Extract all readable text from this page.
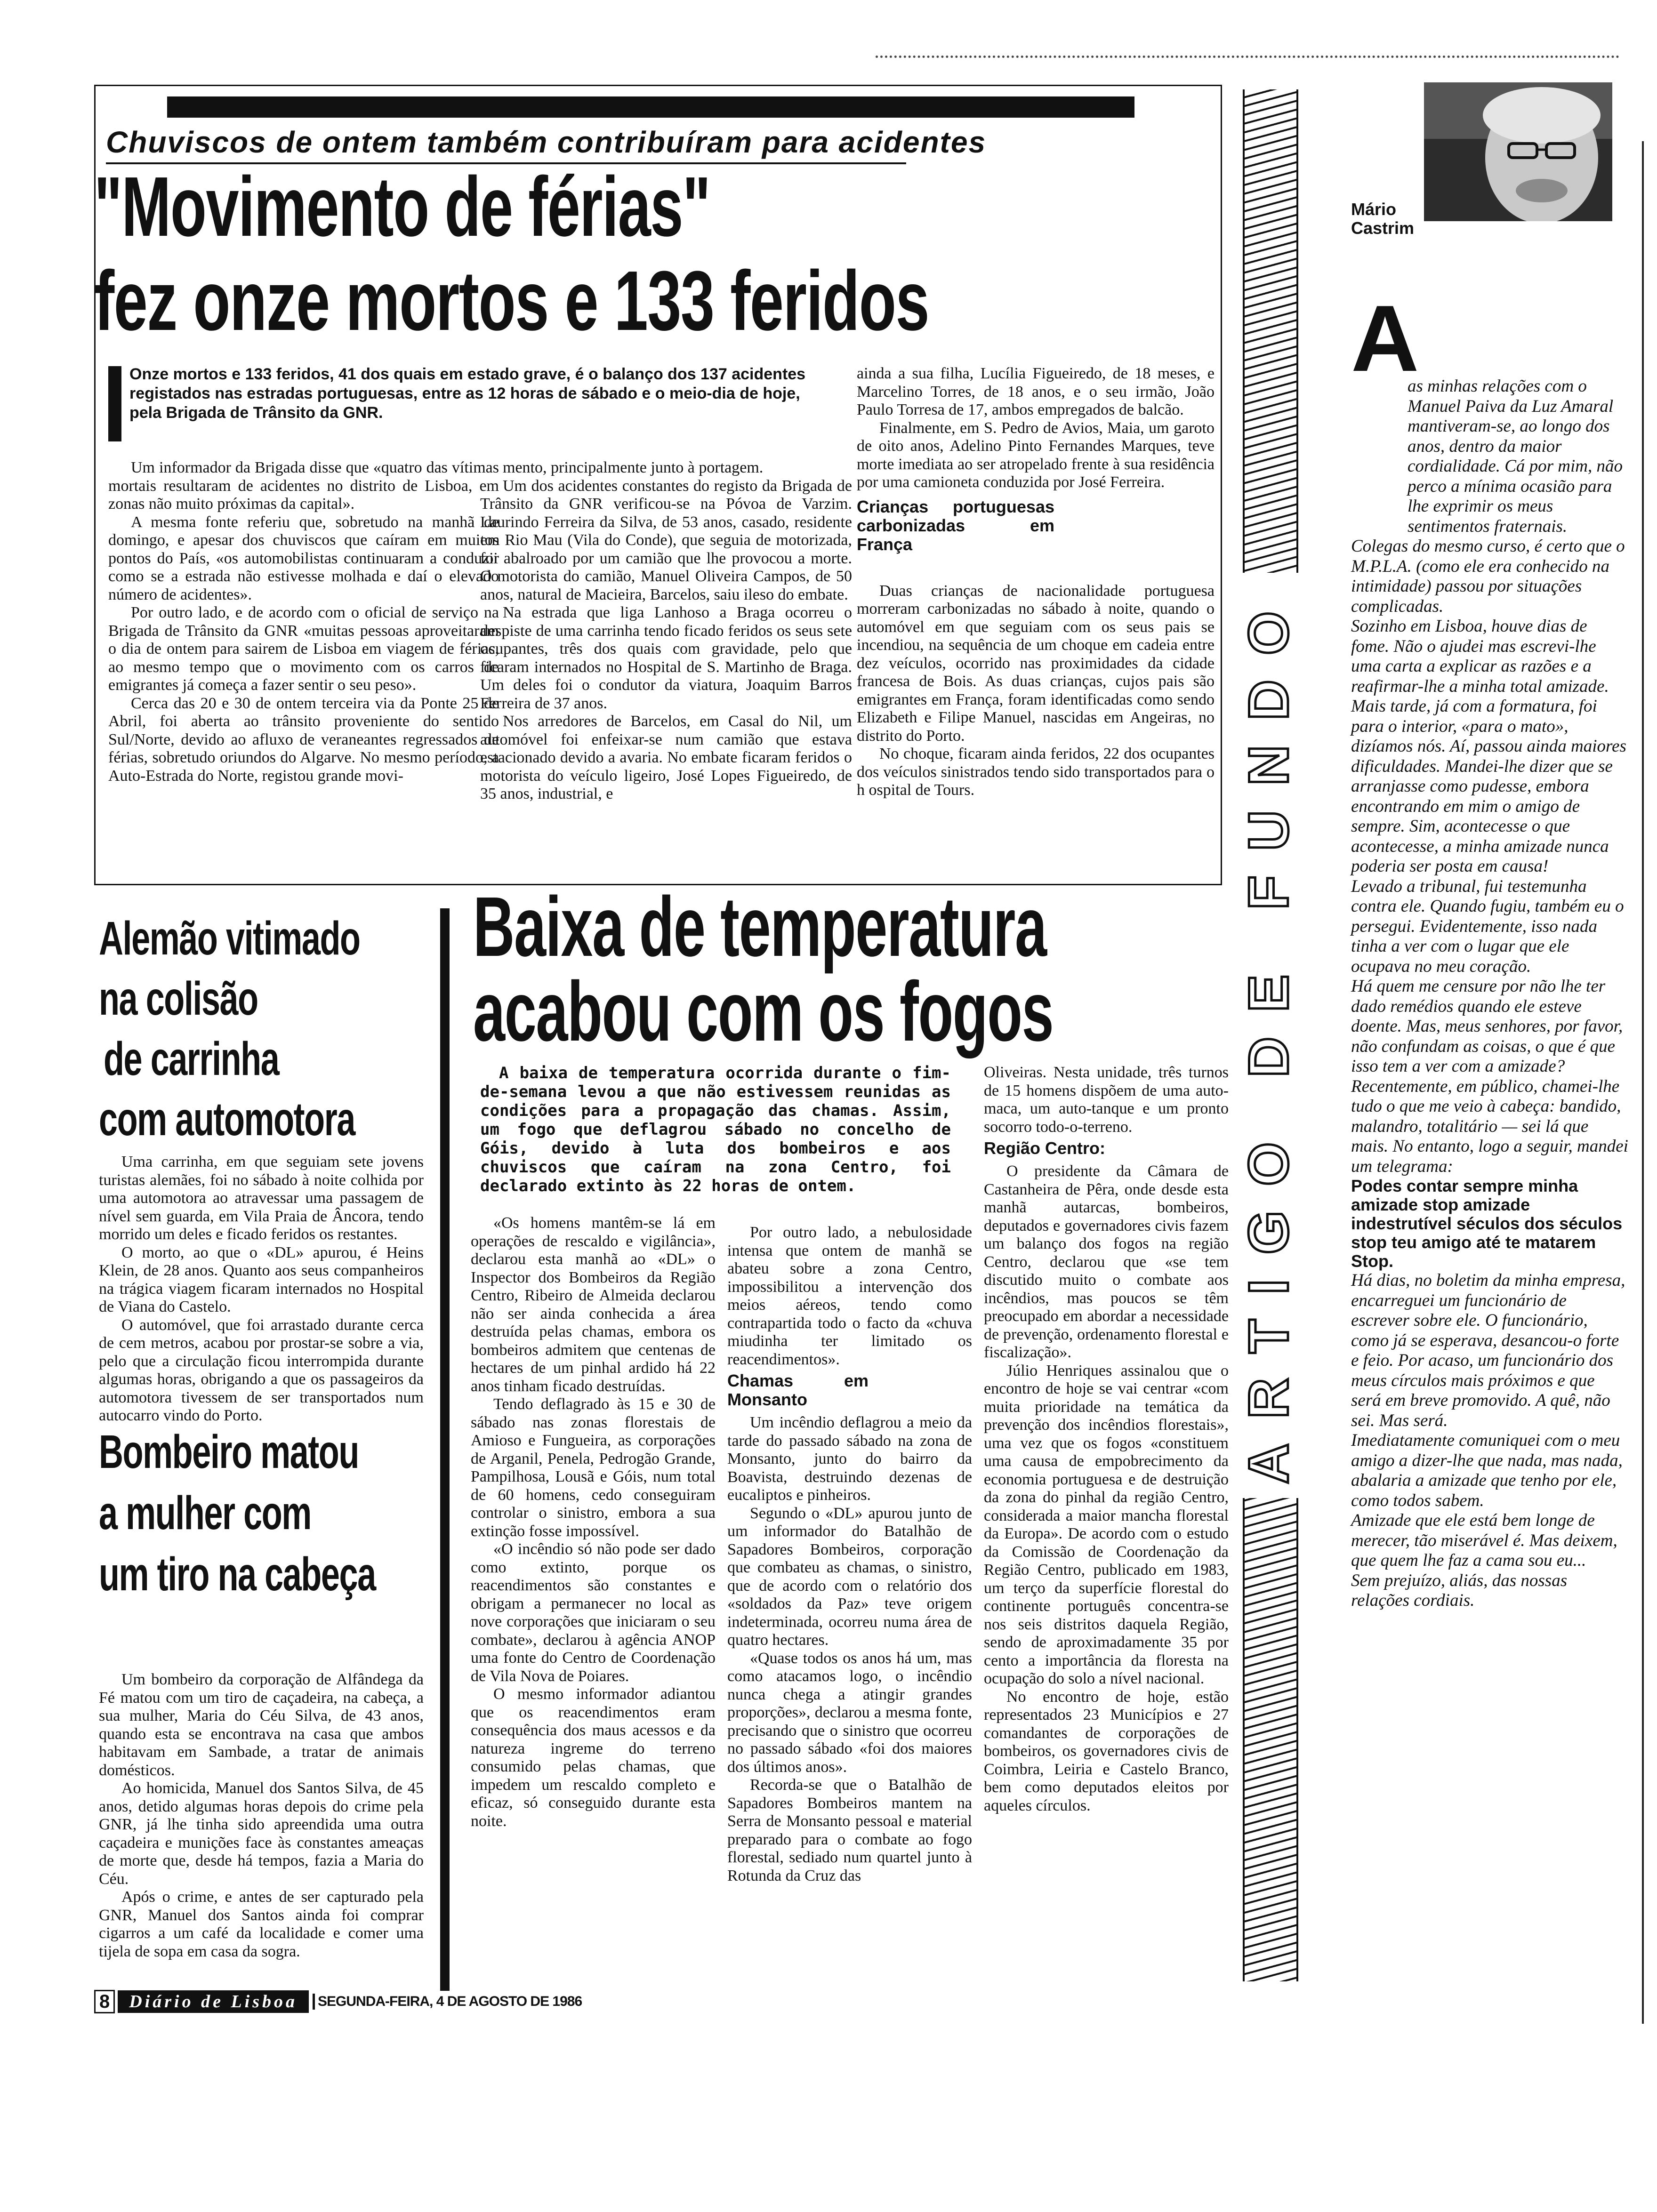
Chuviscos de ontem também contribuíram para acidentes
"Movimento de férias"
fez onze mortos e 133 feridos
Onze mortos e 133 feridos, 41 dos quais em estado grave, é o balanço dos 137 acidentes registados nas estradas portuguesas, entre as 12 horas de sábado e o meio-dia de hoje, pela Brigada de Trânsito da GNR.

Um informador da Brigada disse que «quatro das vítimas mortais resultaram de acidentes no distrito de Lisboa, em zonas não muito próximas da capital».

A mesma fonte referiu que, sobretudo na manhã de domingo, e apesar dos chuviscos que caíram em muitos pontos do País, «os automobilistas continuaram a conduzir como se a estrada não estivesse molhada e daí o elevado número de acidentes».

Por outro lado, e de acordo com o oficial de serviço na Brigada de Trânsito da GNR «muitas pessoas aproveitaram o dia de ontem para sairem de Lisboa em viagem de férias, ao mesmo tempo que o movimento com os carros de emigrantes já começa a fazer sentir o seu peso».

Cerca das 20 e 30 de ontem terceira via da Ponte 25 de Abril, foi aberta ao trânsito proveniente do sentido Sul/Norte, devido ao afluxo de veraneantes regressados de férias, sobretudo oriundos do Algarve. No mesmo período, a Auto-Estrada do Norte, registou grande movi-

mento, principalmente junto à portagem.

Um dos acidentes constantes do registo da Brigada de Trânsito da GNR verificou-se na Póvoa de Varzim. Laurindo Ferreira da Silva, de 53 anos, casado, residente em Rio Mau (Vila do Conde), que seguia de motorizada, foi abalroado por um camião que lhe provocou a morte. O motorista do camião, Manuel Oliveira Campos, de 50 anos, natural de Macieira, Barcelos, saiu ileso do embate.

Na estrada que liga Lanhoso a Braga ocorreu o despiste de uma carrinha tendo ficado feridos os seus sete ocupantes, três dos quais com gravidade, pelo que ficaram internados no Hospital de S. Martinho de Braga. Um deles foi o condutor da viatura, Joaquim Barros Ferreira de 37 anos.

Nos arredores de Barcelos, em Casal do Nil, um automóvel foi enfeixar-se num camião que estava estacionado devido a avaria. No embate ficaram feridos o motorista do veículo ligeiro, José Lopes Figueiredo, de 35 anos, industrial, e

ainda a sua filha, Lucília Figueiredo, de 18 meses, e Marcelino Torres, de 18 anos, e o seu irmão, João Paulo Torresa de 17, ambos empregados de balcão.

Finalmente, em S. Pedro de Avios, Maia, um garoto de oito anos, Adelino Pinto Fernandes Marques, teve morte imediata ao ser atropelado frente à sua residência por uma camioneta conduzida por José Ferreira.

Crianças portuguesas carbonizadas em França

Duas crianças de nacionalidade portuguesa morreram carbonizadas no sábado à noite, quando o automóvel em que seguiam com os seus pais se incendiou, na sequência de um choque em cadeia entre dez veículos, ocorrido nas proximidades da cidade francesa de Bois. As duas crianças, cujos pais são emigrantes em França, foram identificadas como sendo Elizabeth e Filipe Manuel, nascidas em Angeiras, no distrito do Porto.

No choque, ficaram ainda feridos, 22 dos ocupantes dos veículos sinistrados tendo sido transportados para o h ospital de Tours.

Alemão vitimado
na colisão
de carrinha
com automotora

Uma carrinha, em que seguiam sete jovens turistas alemães, foi no sábado à noite colhida por uma automotora ao atravessar uma passagem de nível sem guarda, em Vila Praia de Âncora, tendo morrido um deles e ficado feridos os restantes.

O morto, ao que o «DL» apurou, é Heins Klein, de 28 anos. Quanto aos seus companheiros na trágica viagem ficaram internados no Hospital de Viana do Castelo.

O automóvel, que foi arrastado durante cerca de cem metros, acabou por prostar-se sobre a via, pelo que a circulação ficou interrompida durante algumas horas, obrigando a que os passageiros da automotora tivessem de ser transportados num autocarro vindo do Porto.

Bombeiro matou
a mulher com
um tiro na cabeça

Um bombeiro da corporação de Alfândega da Fé matou com um tiro de caçadeira, na cabeça, a sua mulher, Maria do Céu Silva, de 43 anos, quando esta se encontrava na casa que ambos habitavam em Sambade, a tratar de animais domésticos.

Ao homicida, Manuel dos Santos Silva, de 45 anos, detido algumas horas depois do crime pela GNR, já lhe tinha sido apreendida uma outra caçadeira e munições face às constantes ameaças de morte que, desde há tempos, fazia a Maria do Céu.

Após o crime, e antes de ser capturado pela GNR, Manuel dos Santos ainda foi comprar cigarros a um café da localidade e comer uma tijela de sopa em casa da sogra.

Baixa de temperatura
acabou com os fogos
A baixa de temperatura ocorrida durante o fim-de-semana levou a que não estivessem reunidas as condições para a propagação das chamas. Assim, um fogo que deflagrou sábado no concelho de Góis, devido à luta dos bombeiros e aos chuviscos que caíram na zona Centro, foi declarado extinto às 22 horas de ontem.

«Os homens mantêm-se lá em operações de rescaldo e vigilância», declarou esta manhã ao «DL» o Inspector dos Bombeiros da Região Centro, Ribeiro de Almeida declarou não ser ainda conhecida a área destruída pelas chamas, embora os bombeiros admitem que centenas de hectares de um pinhal ardido há 22 anos tinham ficado destruídas.

Tendo deflagrado às 15 e 30 de sábado nas zonas florestais de Amioso e Fungueira, as corporações de Arganil, Penela, Pedrogão Grande, Pampilhosa, Lousã e Góis, num total de 60 homens, cedo conseguiram controlar o sinistro, embora a sua extinção fosse impossível.

«O incêndio só não pode ser dado como extinto, porque os reacendimentos são constantes e obrigam a permanecer no local as nove corporações que iniciaram o seu combate», declarou à agência ANOP uma fonte do Centro de Coordenação de Vila Nova de Poiares.

O mesmo informador adiantou que os reacendimentos eram consequência dos maus acessos e da natureza ingreme do terreno consumido pelas chamas, que impedem um rescaldo completo e eficaz, só conseguido durante esta noite.

Por outro lado, a nebulosidade intensa que ontem de manhã se abateu sobre a zona Centro, impossibilitou a intervenção dos meios aéreos, tendo como contrapartida todo o facto da «chuva miudinha ter limitado os reacendimentos».

Chamas em Monsanto

Um incêndio deflagrou a meio da tarde do passado sábado na zona de Monsanto, junto do bairro da Boavista, destruindo dezenas de eucaliptos e pinheiros.

Segundo o «DL» apurou junto de um informador do Batalhão de Sapadores Bombeiros, corporação que combateu as chamas, o sinistro, que de acordo com o relatório dos «soldados da Paz» teve origem indeterminada, ocorreu numa área de quatro hectares.

«Quase todos os anos há um, mas como atacamos logo, o incêndio nunca chega a atingir grandes proporções», declarou a mesma fonte, precisando que o sinistro que ocorreu no passado sábado «foi dos maiores dos últimos anos».

Recorda-se que o Batalhão de Sapadores Bombeiros mantem na Serra de Monsanto pessoal e material preparado para o combate ao fogo florestal, sediado num quartel junto à Rotunda da Cruz das

Oliveiras. Nesta unidade, três turnos de 15 homens dispõem de uma auto-maca, um auto-tanque e um pronto socorro todo-o-terreno.

Região Centro:

O presidente da Câmara de Castanheira de Pêra, onde desde esta manhã autarcas, bombeiros, deputados e governadores civis fazem um balanço dos fogos na região Centro, declarou que «se tem discutido muito o combate aos incêndios, mas poucos se têm preocupado em abordar a necessidade de prevenção, ordenamento florestal e fiscalização».

Júlio Henriques assinalou que o encontro de hoje se vai centrar «com muita prioridade na temática da prevenção dos incêndios florestais», uma vez que os fogos «constituem uma causa de empobrecimento da economia portuguesa e de destruição da zona do pinhal da região Centro, considerada a maior mancha florestal da Europa». De acordo com o estudo da Comissão de Coordenação da Região Centro, publicado em 1983, um terço da superfície florestal do continente português concentra-se nos seis distritos daquela Região, sendo de aproximadamente 35 por cento a importância da floresta na ocupação do solo a nível nacional.

No encontro de hoje, estão representados 23 Municípios e 27 comandantes de corporações de bombeiros, os governadores civis de Coimbra, Leiria e Castelo Branco, bem como deputados eleitos por aqueles círculos.

ARTIGO DE FUNDO
Mário
Castrim
A

as minhas relações com o Manuel Paiva da Luz Amaral mantiveram-se, ao longo dos anos, dentro da maior cordialidade. Cá por mim, não perco a mínima ocasião para lhe exprimir os meus sentimentos fraternais.

Colegas do mesmo curso, é certo que o M.P.L.A. (como ele era conhecido na intimidade) passou por situações complicadas.

Sozinho em Lisboa, houve dias de fome. Não o ajudei mas escrevi-lhe uma carta a explicar as razões e a reafirmar-lhe a minha total amizade.

Mais tarde, já com a formatura, foi para o interior, «para o mato», dizíamos nós. Aí, passou ainda maiores dificuldades. Mandei-lhe dizer que se arranjasse como pudesse, embora encontrando em mim o amigo de sempre. Sim, acontecesse o que acontecesse, a minha amizade nunca poderia ser posta em causa!

Levado a tribunal, fui testemunha contra ele. Quando fugiu, também eu o persegui. Evidentemente, isso nada tinha a ver com o lugar que ele ocupava no meu coração.

Há quem me censure por não lhe ter dado remédios quando ele esteve doente. Mas, meus senhores, por favor, não confundam as coisas, o que é que isso tem a ver com a amizade?

Recentemente, em público, chamei-lhe tudo o que me veio à cabeça: bandido, malandro, totalitário — sei lá que mais. No entanto, logo a seguir, mandei um telegrama:

Podes contar sempre minha amizade stop amizade indestrutível séculos dos séculos stop teu amigo até te matarem Stop.

Há dias, no boletim da minha empresa, encarreguei um funcionário de escrever sobre ele. O funcionário, como já se esperava, desancou-o forte e feio. Por acaso, um funcionário dos meus círculos mais próximos e que será em breve promovido. A quê, não sei. Mas será.

Imediatamente comuniquei com o meu amigo a dizer-lhe que nada, mas nada, abalaria a amizade que tenho por ele, como todos sabem.

Amizade que ele está bem longe de merecer, tão miserável é. Mas deixem, que quem lhe faz a cama sou eu...

Sem prejuízo, aliás, das nossas relações cordiais.

8	Diário de Lisboa	SEGUNDA-FEIRA, 4 DE AGOSTO DE 1986
